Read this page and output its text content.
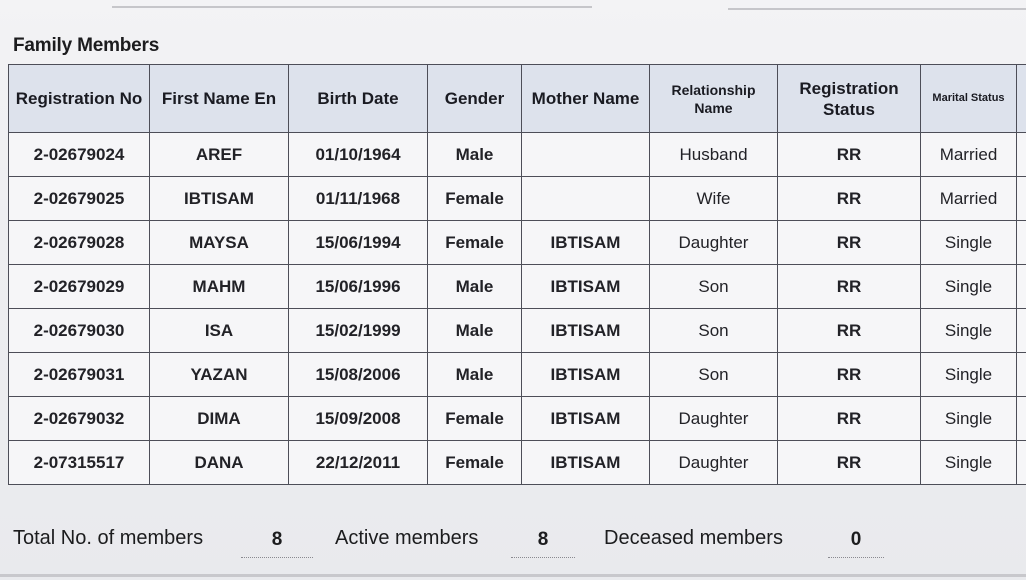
Family Members
Registration No	First Name En	Birth Date	Gender	Mother Name	Relationship Name	Registration Status	Marital Status	
2-02679024	AREF	01/10/1964	Male		Husband	RR	Married	
2-02679025	IBTISAM	01/11/1968	Female		Wife	RR	Married	
2-02679028	MAYSA	15/06/1994	Female	IBTISAM	Daughter	RR	Single	
2-02679029	MAHM	15/06/1996	Male	IBTISAM	Son	RR	Single	
2-02679030	ISA	15/02/1999	Male	IBTISAM	Son	RR	Single	
2-02679031	YAZAN	15/08/2006	Male	IBTISAM	Son	RR	Single	
2-02679032	DIMA	15/09/2008	Female	IBTISAM	Daughter	RR	Single	
2-07315517	DANA	22/12/2011	Female	IBTISAM	Daughter	RR	Single	
Total No. of members	8	Active members	8	Deceased members	0
